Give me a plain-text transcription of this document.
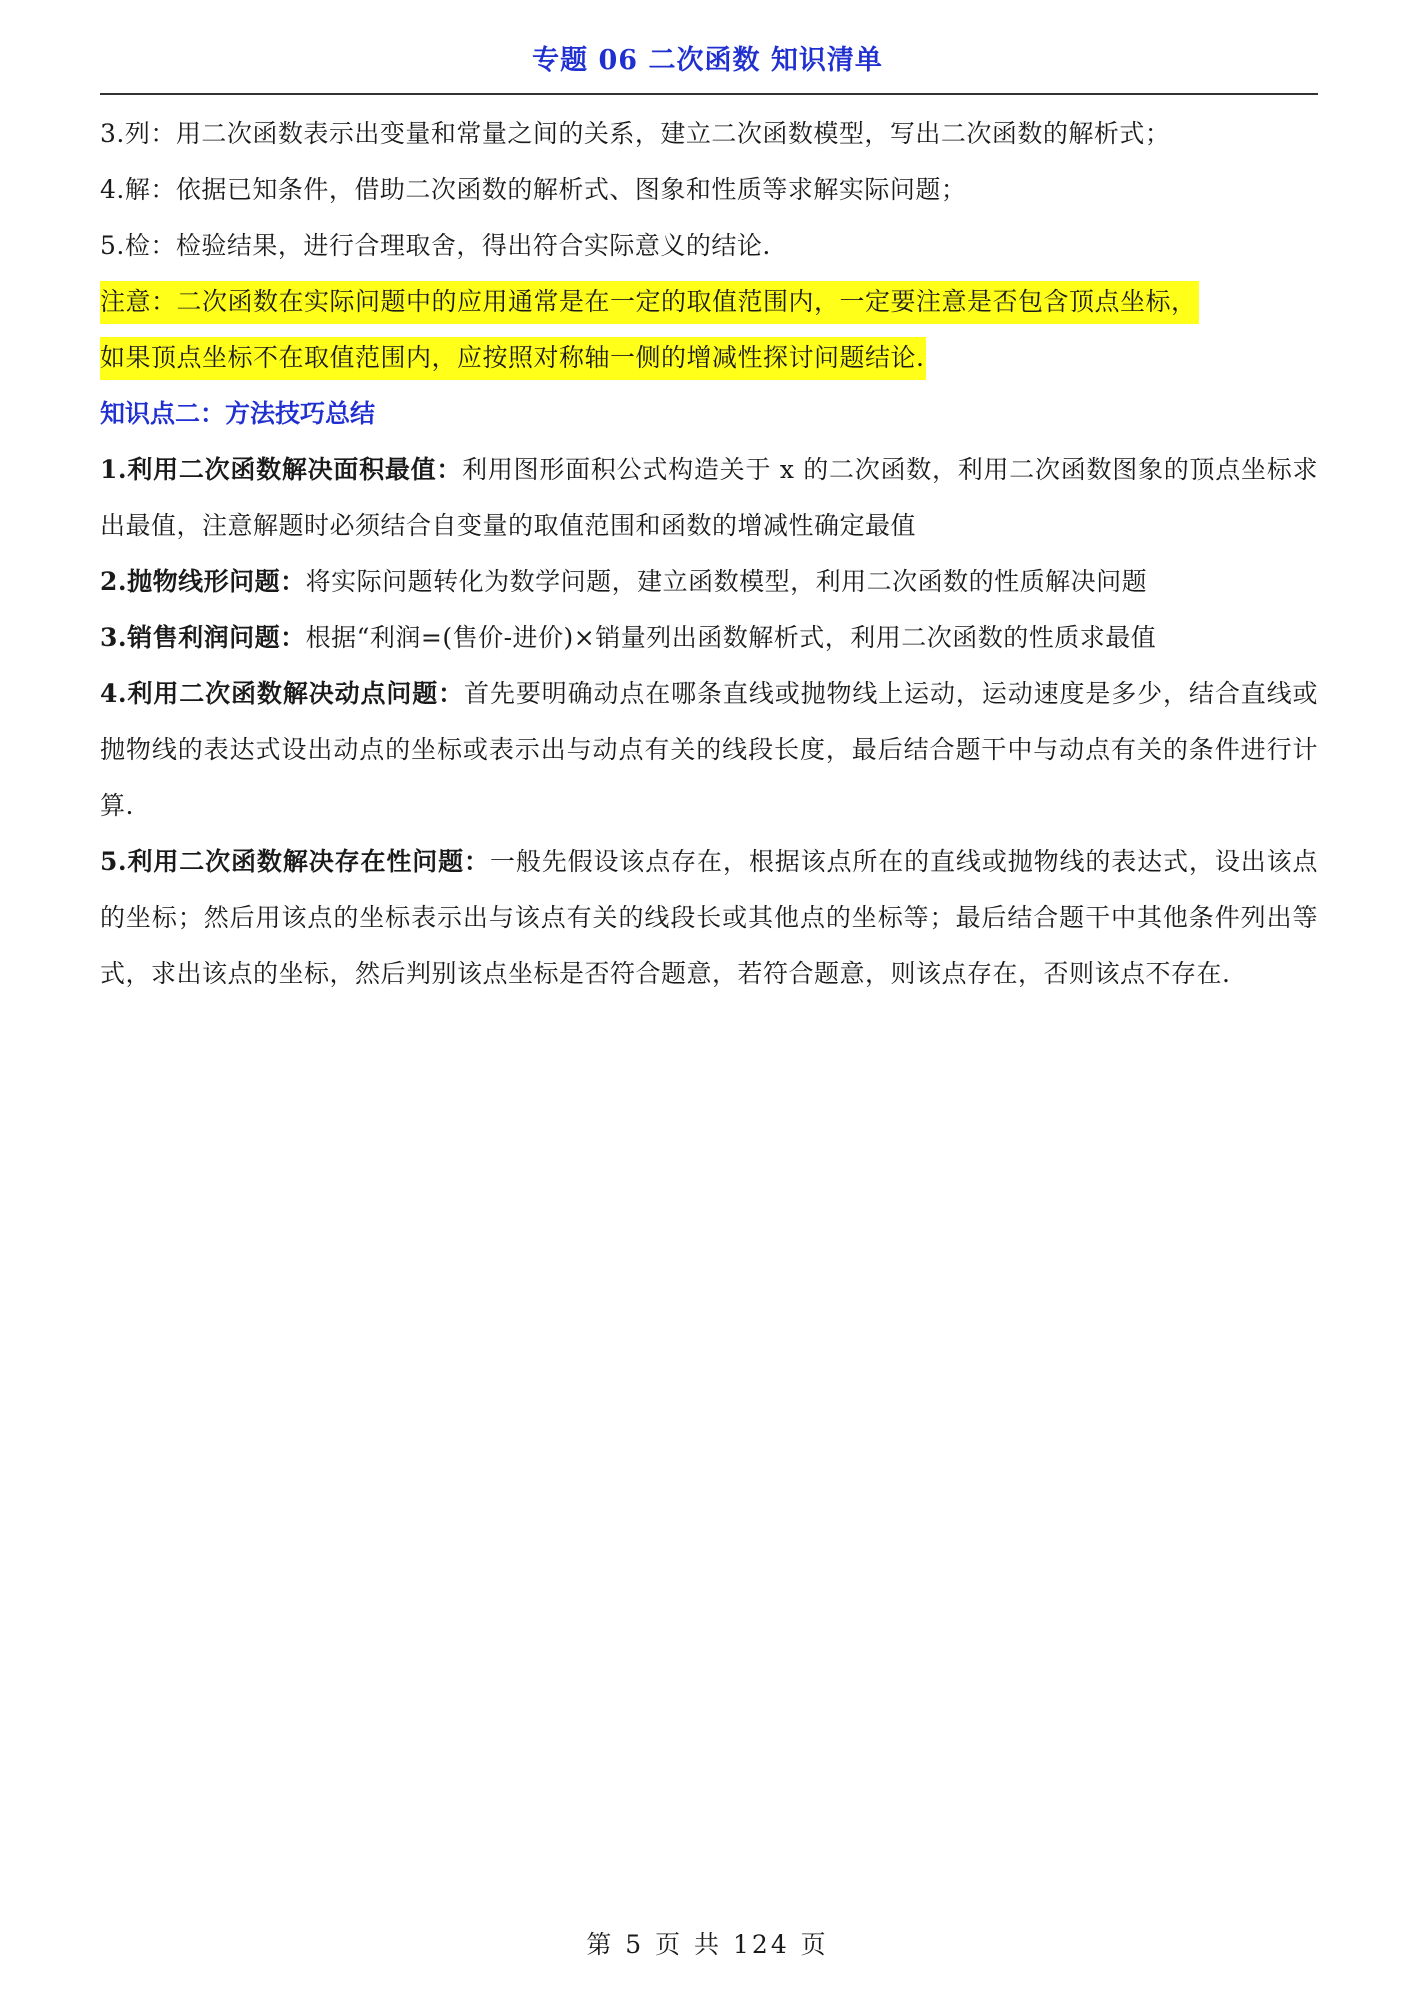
专题 06 二次函数 知识清单
3.列：用二次函数表示出变量和常量之间的关系，建立二次函数模型，写出二次函数的解析式；
4.解：依据已知条件，借助二次函数的解析式、图象和性质等求解实际问题；
5.检：检验结果，进行合理取舍，得出符合实际意义的结论.
注意：二次函数在实际问题中的应用通常是在一定的取值范围内，一定要注意是否包含顶点坐标，
如果顶点坐标不在取值范围内，应按照对称轴一侧的增减性探讨问题结论.
知识点二：方法技巧总结
1.利用二次函数解决面积最值：利用图形面积公式构造关于 x 的二次函数，利用二次函数图象的顶点坐标求出最值，注意解题时必须结合自变量的取值范围和函数的增减性确定最值
2.抛物线形问题：将实际问题转化为数学问题，建立函数模型，利用二次函数的性质解决问题
3.销售利润问题：根据“利润=(售价-进价)×销量列出函数解析式，利用二次函数的性质求最值
4.利用二次函数解决动点问题：首先要明确动点在哪条直线或抛物线上运动，运动速度是多少，结合直线或抛物线的表达式设出动点的坐标或表示出与动点有关的线段长度，最后结合题干中与动点有关的条件进行计算.
5.利用二次函数解决存在性问题：一般先假设该点存在，根据该点所在的直线或抛物线的表达式，设出该点的坐标；然后用该点的坐标表示出与该点有关的线段长或其他点的坐标等；最后结合题干中其他条件列出等式，求出该点的坐标，然后判别该点坐标是否符合题意，若符合题意，则该点存在，否则该点不存在.
第 5 页 共 124 页
